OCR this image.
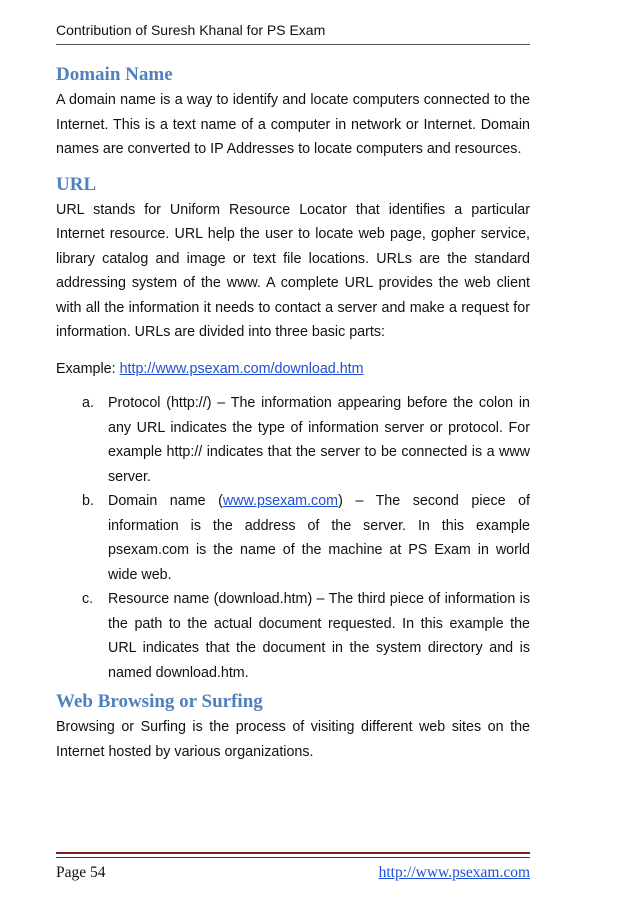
Contribution of Suresh Khanal for PS Exam
Domain Name

A domain name is a way to identify and locate computers connected to the Internet. This is a text name of a computer in network or Internet. Domain names are converted to IP Addresses to locate computers and resources.

URL

URL stands for Uniform Resource Locator that identifies a particular Internet resource. URL help the user to locate web page, gopher service, library catalog and image or text file locations. URLs are the standard addressing system of the www. A complete URL provides the web client with all the information it needs to contact a server and make a request for information. URLs are divided into three basic parts:

Example: http://www.psexam.com/download.htm

a. Protocol (http://) – The information appearing before the colon in any URL indicates the type of information server or protocol. For example http:// indicates that the server to be connected is a www server.
b. Domain name (www.psexam.com) – The second piece of information is the address of the server. In this example psexam.com is the name of the machine at PS Exam in world wide web.
c. Resource name (download.htm) – The third piece of information is the path to the actual document requested. In this example the URL indicates that the document in the system directory and is named download.htm.
Web Browsing or Surfing

Browsing or Surfing is the process of visiting different web sites on the Internet hosted by various organizations.

Page 54	http://www.psexam.com
